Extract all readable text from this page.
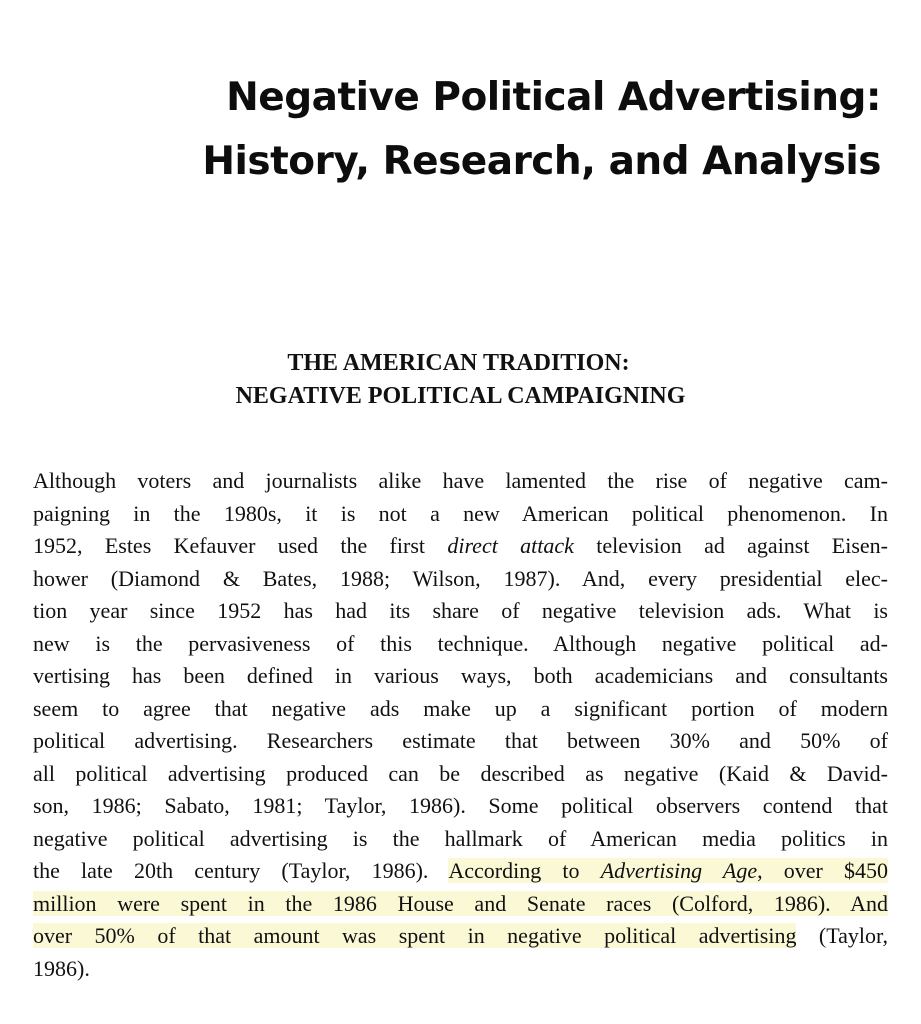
Negative Political Advertising:
History, Research, and Analysis
THE AMERICAN TRADITION:
NEGATIVE POLITICAL CAMPAIGNING
Although voters and journalists alike have lamented the rise of negative cam-
paigning in the 1980s, it is not a new American political phenomenon. In
1952, Estes Kefauver used the first direct attack television ad against Eisen-
hower (Diamond & Bates, 1988; Wilson, 1987). And, every presidential elec-
tion year since 1952 has had its share of negative television ads. What is
new is the pervasiveness of this technique. Although negative political ad-
vertising has been defined in various ways, both academicians and consultants
seem to agree that negative ads make up a significant portion of modern
political advertising. Researchers estimate that between 30% and 50% of
all political advertising produced can be described as negative (Kaid & David-
son, 1986; Sabato, 1981; Taylor, 1986). Some political observers contend that
negative political advertising is the hallmark of American media politics in
the late 20th century (Taylor, 1986). According to Advertising Age, over $450
million were spent in the 1986 House and Senate races (Colford, 1986). And
over 50% of that amount was spent in negative political advertising (Taylor,
1986).
